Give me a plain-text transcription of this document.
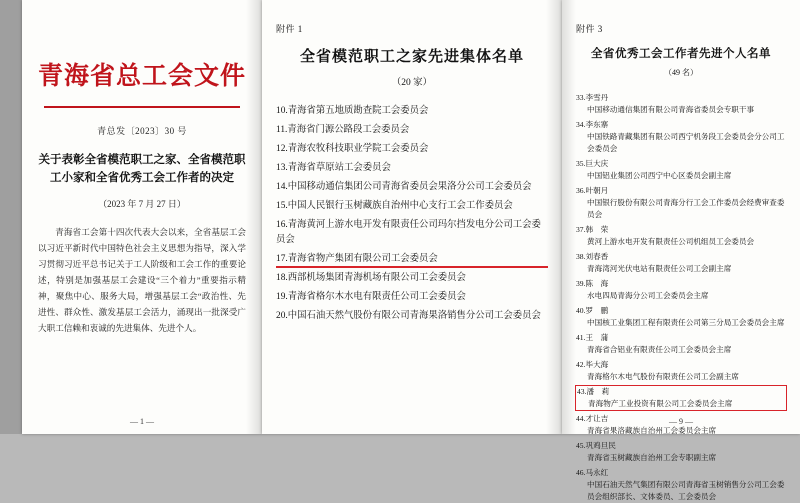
青海省总工会文件
青总发〔2023〕30 号
关于表彰全省模范职工之家、全省模范职工小家和全省优秀工会工作者的决定
（2023 年 7 月 27 日）

青海省工会第十四次代表大会以来，全省基层工会以习近平新时代中国特色社会主义思想为指导，深入学习贯彻习近平总书记关于工人阶级和工会工作的重要论述，特别是加强基层工会建设“三个着力”重要指示精神，聚焦中心、服务大局，增强基层工会“政治性、先进性、群众性、激发基层工会活力，涌现出一批深受广大职工信赖和衷诚的先进集体、先进个人。

— 1 —
附件 1
全省模范职工之家先进集体名单
（20 家）
10.青海省第五地质勘查院工会委员会
11.青海省门源公路段工会委员会
12.青海农牧科技职业学院工会委员会
13.青海省草原站工会委员会
14.中国移动通信集团公司青海省委员会果洛分公司工会委员会
15.中国人民银行玉树藏族自治州中心支行工会工作委员会
16.青海黄河上游水电开发有限责任公司玛尔挡发电分公司工会委员会
17.青海省物产集团有限公司工会委员会
18.西部机场集团青海机场有限公司工会委员会
19.青海省格尔木水电有限责任公司工会委员会
20.中国石油天然气股份有限公司青海果洛销售分公司工会委员会
附件 3
全省优秀工会工作者先进个人名单
（49 名）
33.李雪丹
中国移动通信集团有限公司青海省委员会专职干事
34.李东寨
中国铁路青藏集团有限公司西宁机务段工会委员会分公司工会委员会
35.巨大庆
中国铝业集团公司西宁中心区委员会副主席
36.叶朝月
中国银行股份有限公司青海分行工会工作委员会经费审查委员会
37.韩　荣
黄河上游水电开发有限责任公司机组员工会委员会
38.刘春香
青海湾河光伏电站有限责任公司工会副主席
39.陈　海
水电四局青海分公司工会委员会主席
40.罗　鹏
中国核工业集团工程有限责任公司第三分局工会委员会主席
41.王　蒲
青海省合铝业有限责任公司工会委员会主席
42.毕大海
青海格尔木电气股份有限责任公司工会副主席
43.潘　莉
青海物产工业投资有限公司工会委员会主席
44.才让吉
青海省果洛藏族自治州工会委员会主席
45.巩鸡旦民
青海省玉树藏族自治州工会专职副主席
46.马永红
中国石油天然气集团有限公司青海省玉树销售分公司工会委员会组织部长、文体委员、工会委员会
— 9 —
